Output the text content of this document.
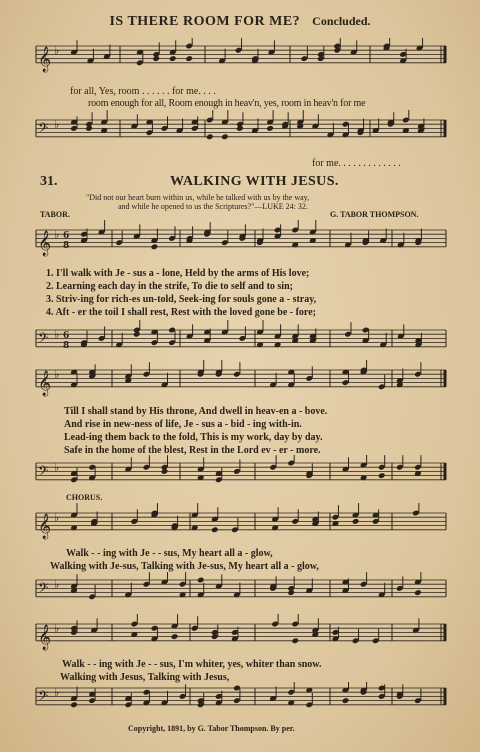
IS THERE ROOM FOR ME? Concluded.
𝄞 ♭
for all, Yes, room . . . . . . for me. . . .
room enough for all, Room enough in heav'n, yes, room in heav'n for me
𝄢 ♭
for me. . . . . . . . . . . . .
31.	WALKING WITH JESUS.
"Did not our heart burn within us, while he talked with us by the way,
and while he opened to us the Scriptures?"—LUKE 24: 32.
TABOR.	G. TABOR THOMPSON.
𝄞 ♭ 6
8
1. I'll walk with Je - sus a - lone, Held by the arms of His love;
2. Learning each day in the strife, To die to self and to sin;
3. Striv-ing for rich-es un-told, Seek-ing for souls gone a - stray,
4. Aft - er the toil I shall rest, Rest with the loved gone be - fore;
𝄢 ♭ 6
8
𝄞 ♭
Till I shall stand by His throne, And dwell in heav-en a - bove.
And rise in new-ness of life, Je - sus a - bid - ing with-in.
Lead-ing them back to the fold, This is my work, day by day.
Safe in the home of the blest, Rest in the Lord ev - er - more.
𝄢 ♭
CHORUS.
𝄞 ♭
Walk - - ing with Je - - sus, My heart all a - glow,
Walking with Je-sus, Talking with Je-sus, My heart all a - glow,
𝄢 ♭
𝄞 ♭
Walk - - ing with Je - - sus, I'm whiter, yes, whiter than snow.
Walking with Jesus, Talking with Jesus,
𝄢 ♭
Copyright, 1891, by G. Tabor Thompson. By per.
